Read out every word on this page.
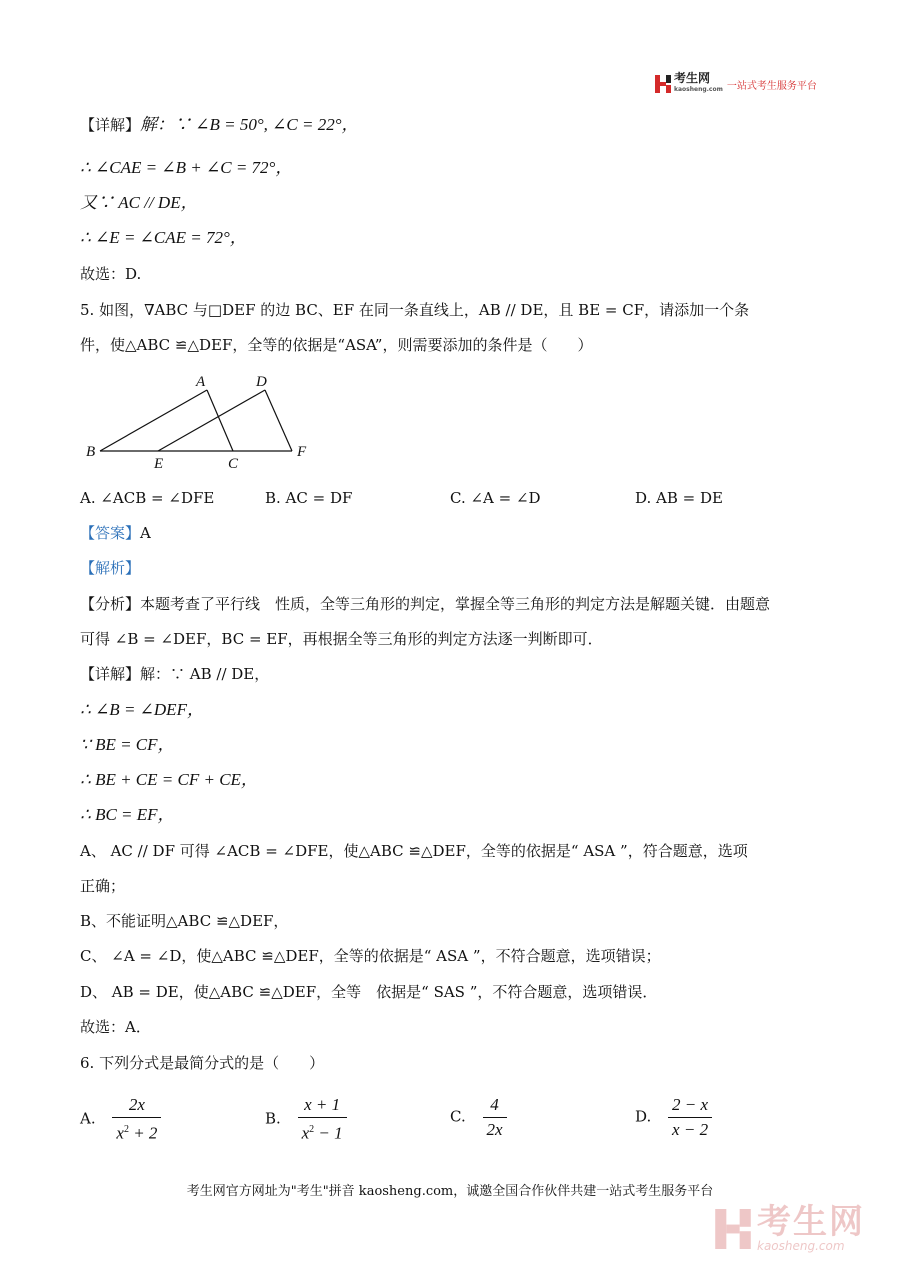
考生网
kaosheng.com 一站式考生服务平台
【详解】解：∵ ∠B = 50°, ∠C = 22°，
∴ ∠CAE = ∠B + ∠C = 72°，
又∵ AC // DE，
∴ ∠E = ∠CAE = 72°，
故选：D.
5. 如图，∇ABC 与□DEF 的边 BC、EF 在同一条直线上，AB // DE，且 BE = CF，请添加一个条
件，使△ABC ≌△DEF，全等的依据是“ASA”，则需要添加的条件是（　　）
A	D
B
E	C
F
A. ∠ACB = ∠DFE	B. AC = DF	C. ∠A = ∠D	D. AB = DE
【答案】A
【解析】
【分析】本题考查了平行线　性质，全等三角形的判定，掌握全等三角形的判定方法是解题关键．由题意
可得 ∠B = ∠DEF，BC = EF，再根据全等三角形的判定方法逐一判断即可．
【详解】解：∵ AB // DE，
∴ ∠B = ∠DEF，
∵ BE = CF，
∴ BE + CE = CF + CE，
∴ BC = EF，
A、 AC // DF 可得 ∠ACB = ∠DFE，使△ABC ≌△DEF，全等的依据是“ ASA ”，符合题意，选项
正确；
B、不能证明△ABC ≌△DEF，
C、 ∠A = ∠D，使△ABC ≌△DEF，全等的依据是“ ASA ”，不符合题意，选项错误；
D、 AB = DE，使△ABC ≌△DEF，全等　依据是“ SAS ”，不符合题意，选项错误．
故选：A．
6. 下列分式是最简分式的是（　　）
A. $\frac{2x}{x^2 + 2}$	B. $\frac{x + 1}{x^2 - 1}$	C. $\frac{4}{2x}$	D. $\frac{2 - x}{x - 2}$
考生网官方网址为"考生"拼音 kaosheng.com，诚邀全国合作伙伴共建一站式考生服务平台
考生网
kaosheng.com
